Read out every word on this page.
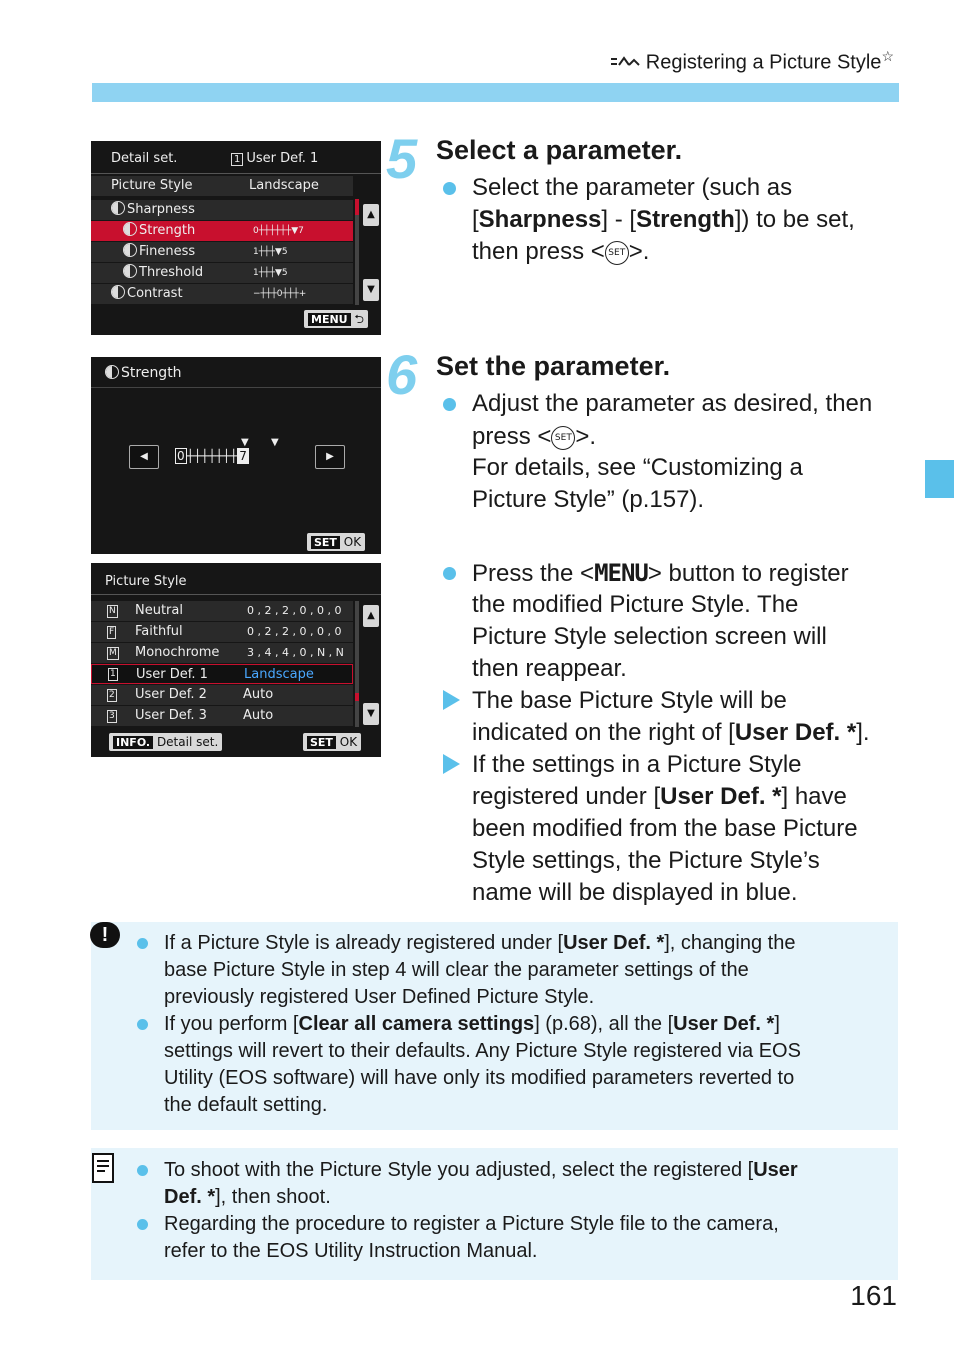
Registering a Picture Style☆
Detail set.	1 User Def. 1
Picture Style	Landscape
Sharpness
Strength	0┼┼┼┼┼┼▼7
Fineness	1┼┼┼▼5
Threshold	1┼┼┼▼5
Contrast	−┼┼┼0┼┼┼+
▲
▼
MENU ⮌
Strength
◀	0 ┼┼┼┼┼┼┼ 7
▼       ▼
▶
SET OK
Picture Style
N Neutral	0 , 2 , 2 , 0 , 0 , 0
F Faithful	0 , 2 , 2 , 0 , 0 , 0
M Monochrome	3 , 4 , 4 , 0 , N , N
1 User Def. 1	Landscape
2 User Def. 2	Auto
3 User Def. 3	Auto
▲
▼
INFO. Detail set.	SET OK
5 Select a parameter.
Select the parameter (such as
[Sharpness] - [Strength]) to be set,
then press < SET >.
6 Set the parameter.
Adjust the parameter as desired, then
press < SET >.
For details, see “Customizing a
Picture Style” (p.157).
Press the <MENU> button to register
the modified Picture Style. The
Picture Style selection screen will
then reappear.
The base Picture Style will be
indicated on the right of [User Def. *].
If the settings in a Picture Style
registered under [User Def. *] have
been modified from the base Picture
Style settings, the Picture Style’s
name will be displayed in blue.
!	If a Picture Style is already registered under [User Def. *], changing the
base Picture Style in step 4 will clear the parameter settings of the
previously registered User Defined Picture Style.
If you perform [Clear all camera settings] (p.68), all the [User Def. *]
settings will revert to their defaults. Any Picture Style registered via EOS
Utility (EOS software) will have only its modified parameters reverted to
the default setting.
To shoot with the Picture Style you adjusted, select the registered [User
Def. *], then shoot.
Regarding the procedure to register a Picture Style file to the camera,
refer to the EOS Utility Instruction Manual.
161
